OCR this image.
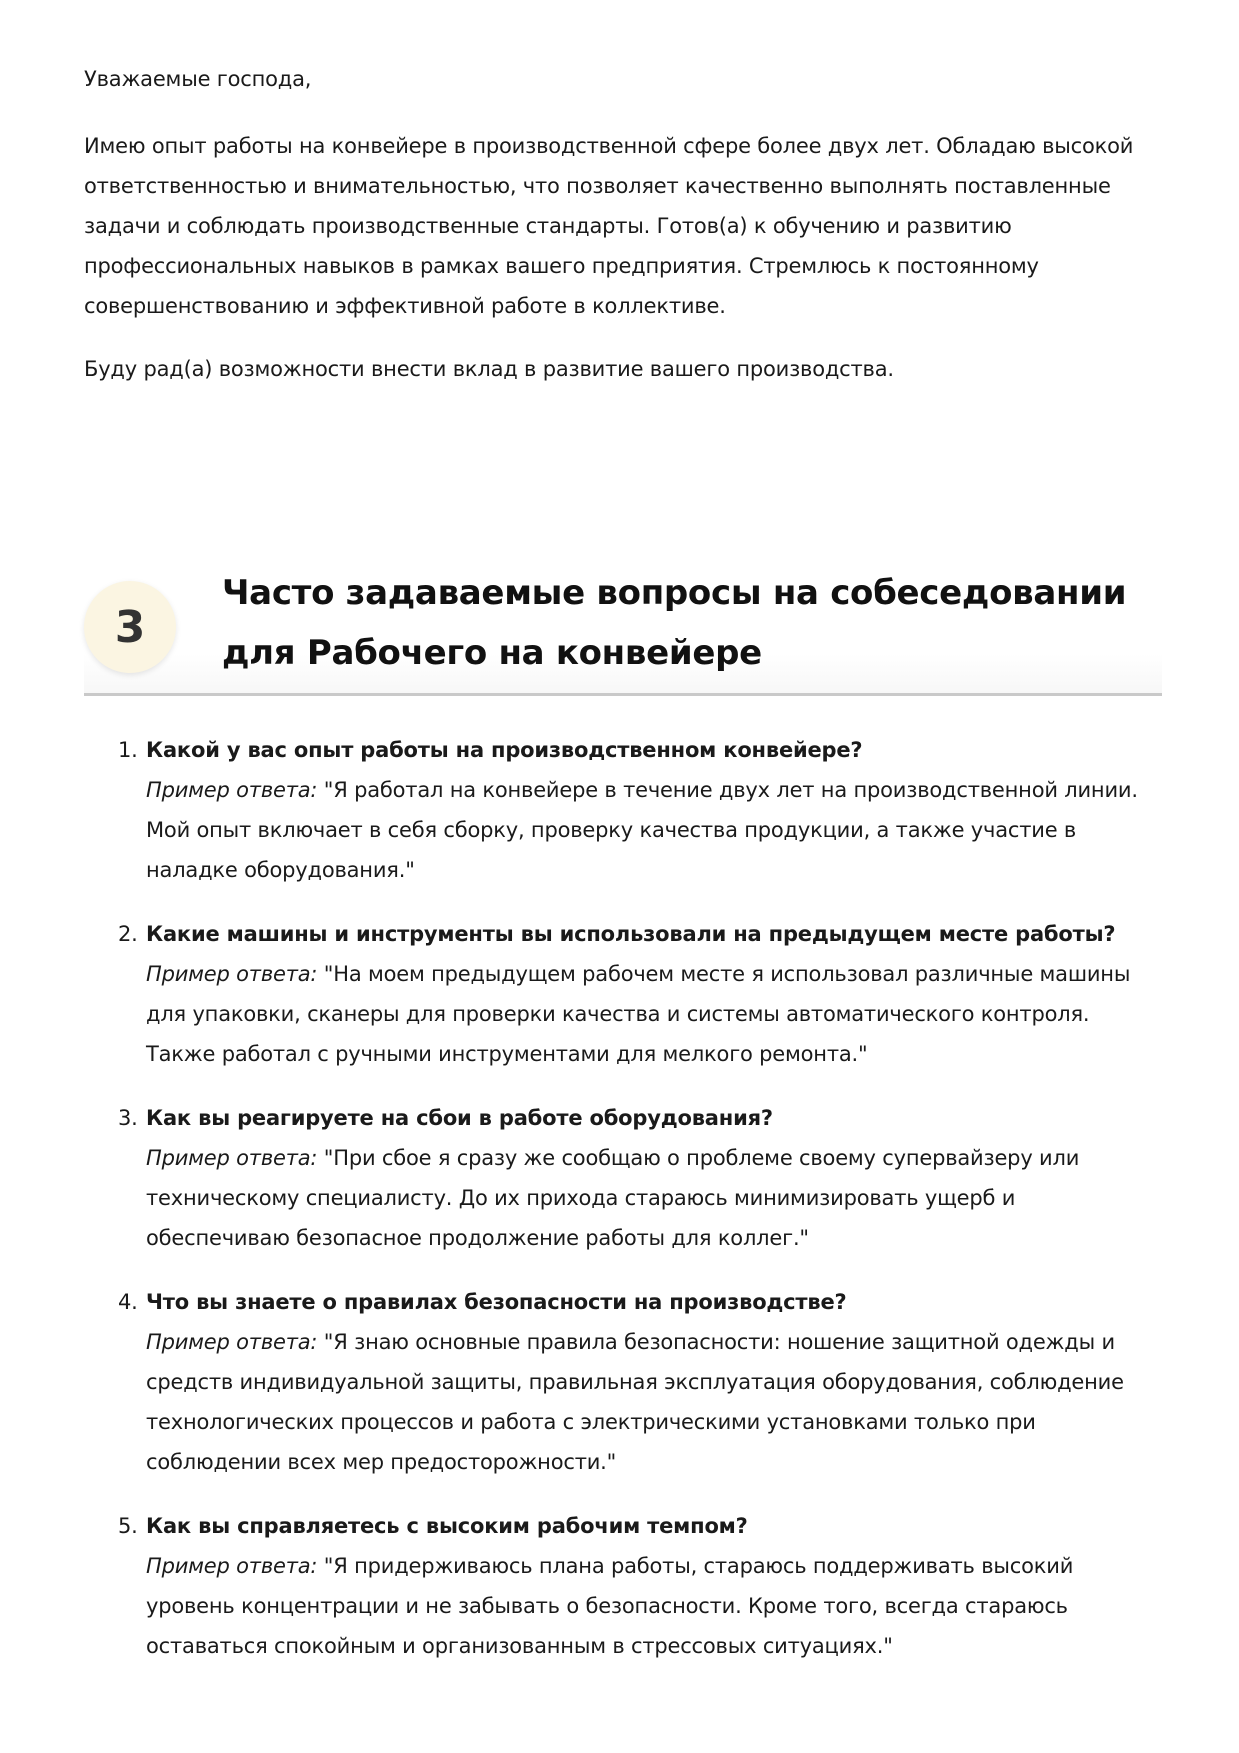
Уважаемые господа,
Имею опыт работы на конвейере в производственной сфере более двух лет. Обладаю высокой ответственностью и внимательностью, что позволяет качественно выполнять поставленные задачи и соблюдать производственные стандарты. Готов(а) к обучению и развитию профессиональных навыков в рамках вашего предприятия. Стремлюсь к постоянному совершенствованию и эффективной работе в коллективе.
Буду рад(а) возможности внести вклад в развитие вашего производства.
3
Часто задаваемые вопросы на собеседовании для Рабочего на конвейере
1. Какой у вас опыт работы на производственном конвейере?
Пример ответа: "Я работал на конвейере в течение двух лет на производственной линии. Мой опыт включает в себя сборку, проверку качества продукции, а также участие в наладке оборудования."
2. Какие машины и инструменты вы использовали на предыдущем месте работы?
Пример ответа: "На моем предыдущем рабочем месте я использовал различные машины для упаковки, сканеры для проверки качества и системы автоматического контроля. Также работал с ручными инструментами для мелкого ремонта."
3. Как вы реагируете на сбои в работе оборудования?
Пример ответа: "При сбое я сразу же сообщаю о проблеме своему супервайзеру или техническому специалисту. До их прихода стараюсь минимизировать ущерб и обеспечиваю безопасное продолжение работы для коллег."
4. Что вы знаете о правилах безопасности на производстве?
Пример ответа: "Я знаю основные правила безопасности: ношение защитной одежды и средств индивидуальной защиты, правильная эксплуатация оборудования, соблюдение технологических процессов и работа с электрическими установками только при соблюдении всех мер предосторожности."
5. Как вы справляетесь с высоким рабочим темпом?
Пример ответа: "Я придерживаюсь плана работы, стараюсь поддерживать высокий уровень концентрации и не забывать о безопасности. Кроме того, всегда стараюсь оставаться спокойным и организованным в стрессовых ситуациях."
